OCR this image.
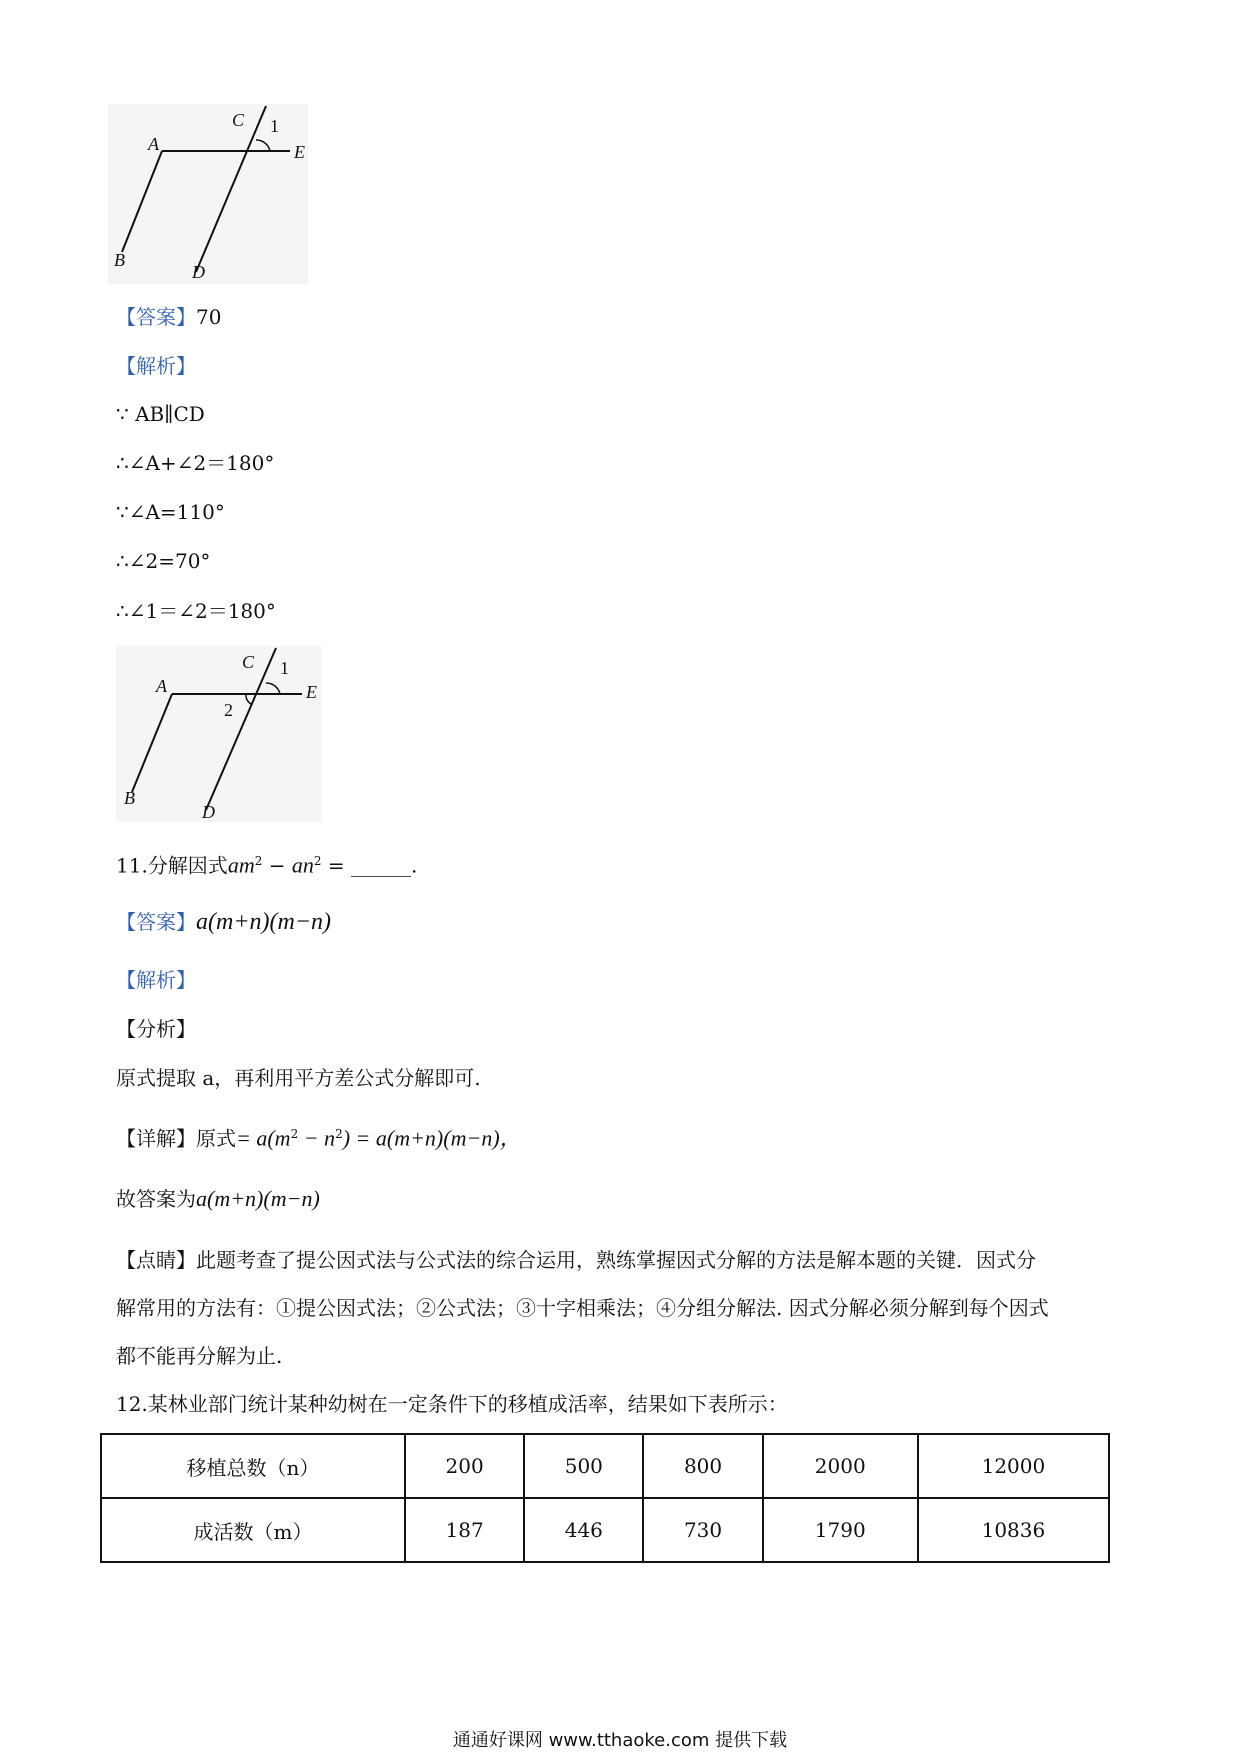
A
B
C
D
E
1
【答案】70
【解析】
∵ AB∥CD
∴∠A+∠2＝180°
∵∠A=110°
∴∠2=70°
∴∠1＝∠2＝180°
A
B
C
D
E
1
2
11.分解因式$am^2 - an^2$ = ______.
【答案】a(m+n)(m−n)
【解析】
【分析】
原式提取 a，再利用平方差公式分解即可.
【详解】原式= $a(m^2 - n^2) = a(m+n)(m-n)$，
故答案为a(m+n)(m−n)
【点睛】此题考查了提公因式法与公式法的综合运用，熟练掌握因式分解的方法是解本题的关键．因式分
解常用的方法有：①提公因式法；②公式法；③十字相乘法；④分组分解法. 因式分解必须分解到每个因式
都不能再分解为止.
12.某林业部门统计某种幼树在一定条件下的移植成活率，结果如下表所示：
移植总数（n）	200	500	800	2000	12000
成活数（m）	187	446	730	1790	10836
通通好课网 www.tthaoke.com 提供下载
